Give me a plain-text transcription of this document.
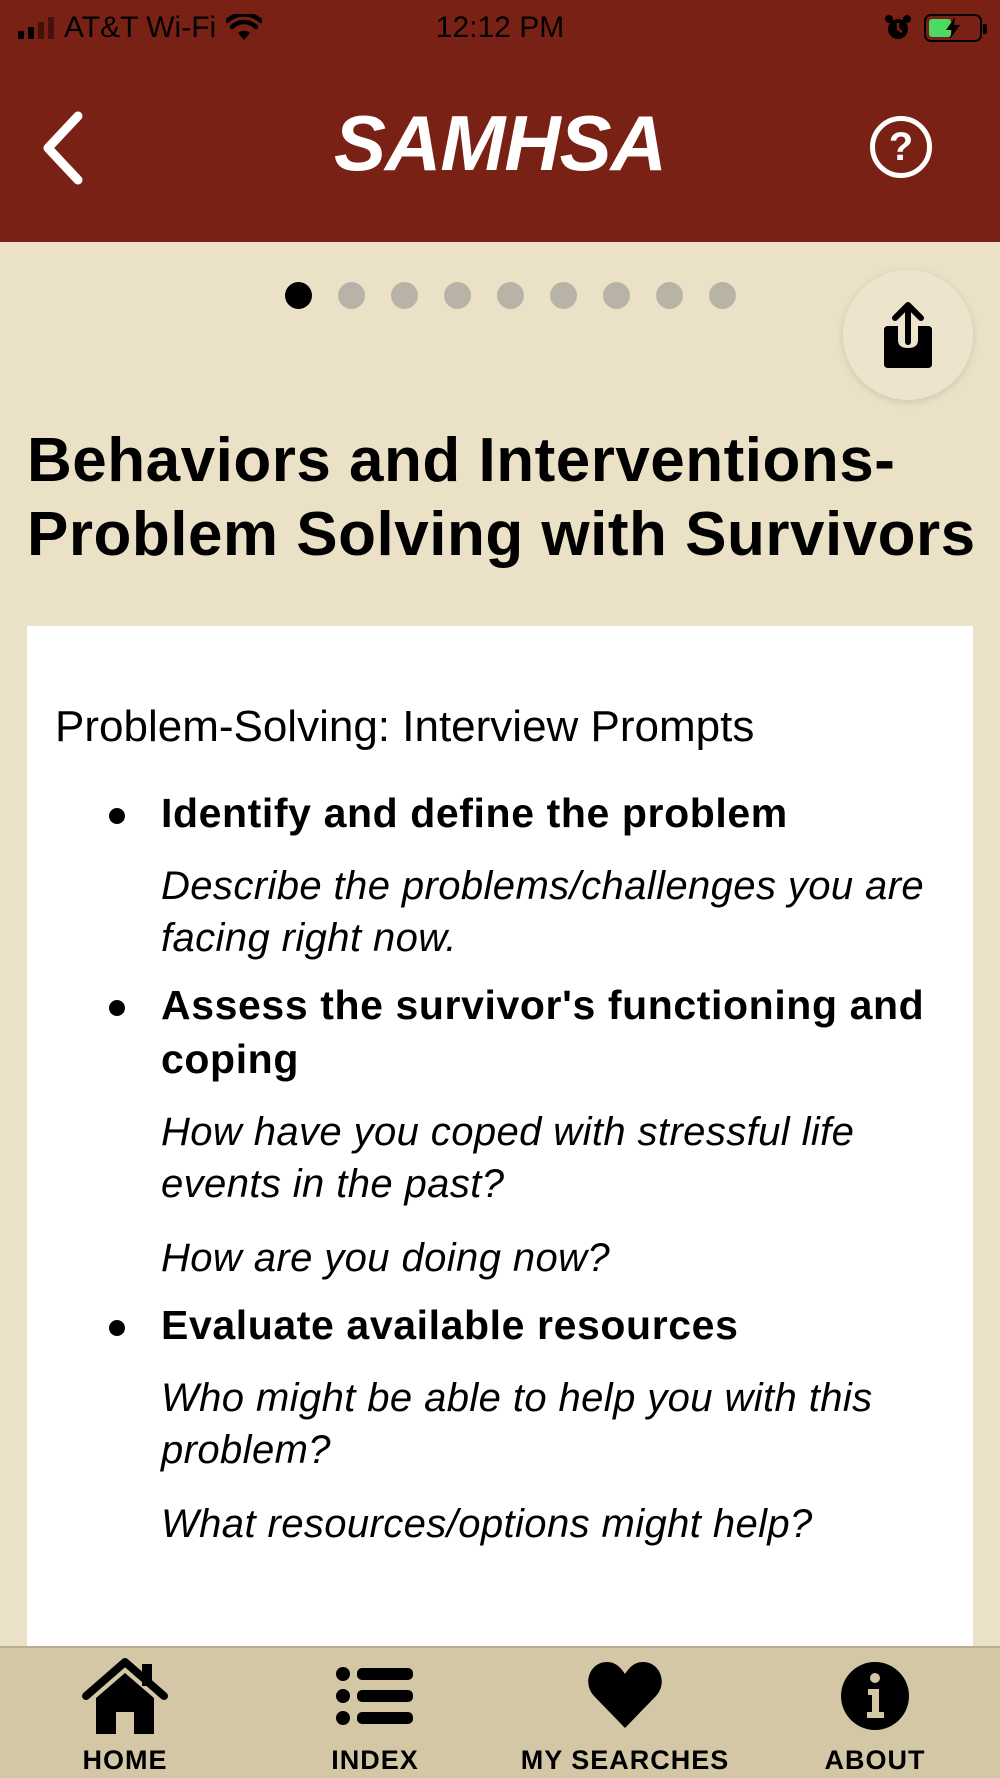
AT&T Wi-Fi	12:12 PM
SAMHSA	?
Behaviors and Interventions-Problem Solving with Survivors
Problem-Solving: Interview Prompts
Identify and define the problem
Describe the problems/challenges you are facing right now.
Assess the survivor's functioning and coping
How have you coped with stressful life events in the past?
How are you doing now?
Evaluate available resources
Who might be able to help you with this problem?
What resources/options might help?
HOME	INDEX	MY SEARCHES	ABOUT
